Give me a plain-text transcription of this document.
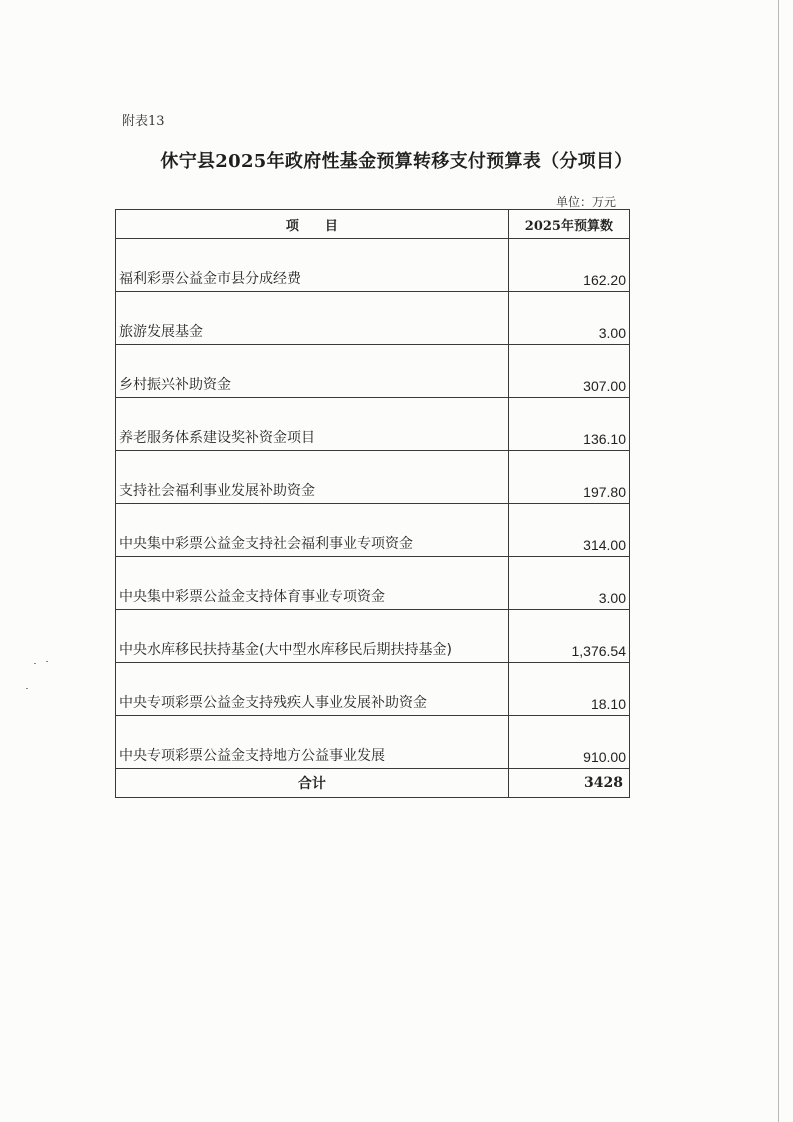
附表13
休宁县2025年政府性基金预算转移支付预算表（分项目）
单位：万元
项　　目	2025年预算数
福利彩票公益金市县分成经费	162.20
旅游发展基金	3.00
乡村振兴补助资金	307.00
养老服务体系建设奖补资金项目	136.10
支持社会福利事业发展补助资金	197.80
中央集中彩票公益金支持社会福利事业专项资金	314.00
中央集中彩票公益金支持体育事业专项资金	3.00
中央水库移民扶持基金(大中型水库移民后期扶持基金)	1,376.54
中央专项彩票公益金支持残疾人事业发展补助资金	18.10
中央专项彩票公益金支持地方公益事业发展	910.00
合计	3428
